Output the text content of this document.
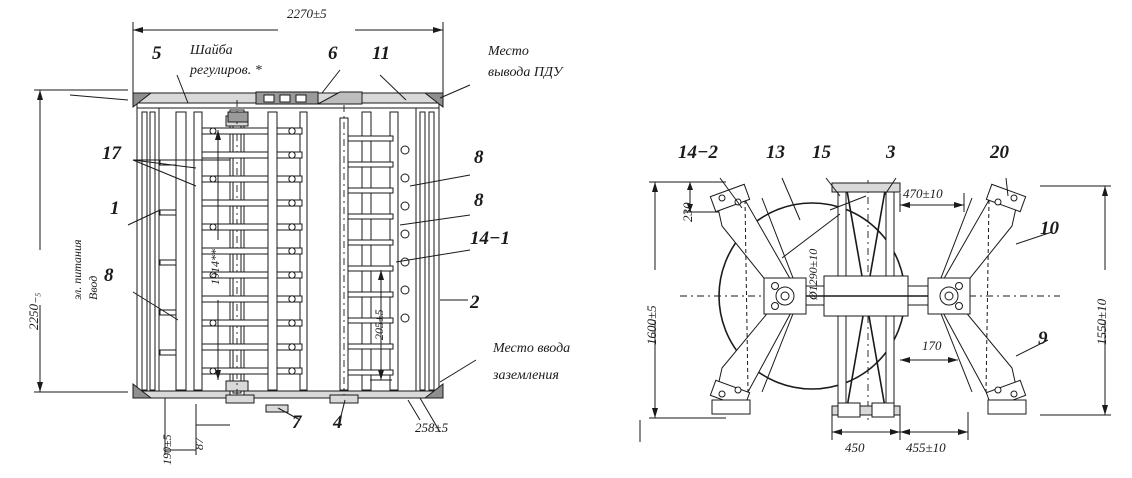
2270±5
2250₋₅
эл. питания Ввод
5 Шайба
регулиров. *
6 11	Место
вывода ПДУ
17
1
8
8
8
14−1
2
Место ввода
заземления
1914**
205±5
190±5 87
258±5
7 4
14−2	13 15	3	20
10
9
1600±5
230
Ø1290±10
470±10
1550±10
170
450	455±10
